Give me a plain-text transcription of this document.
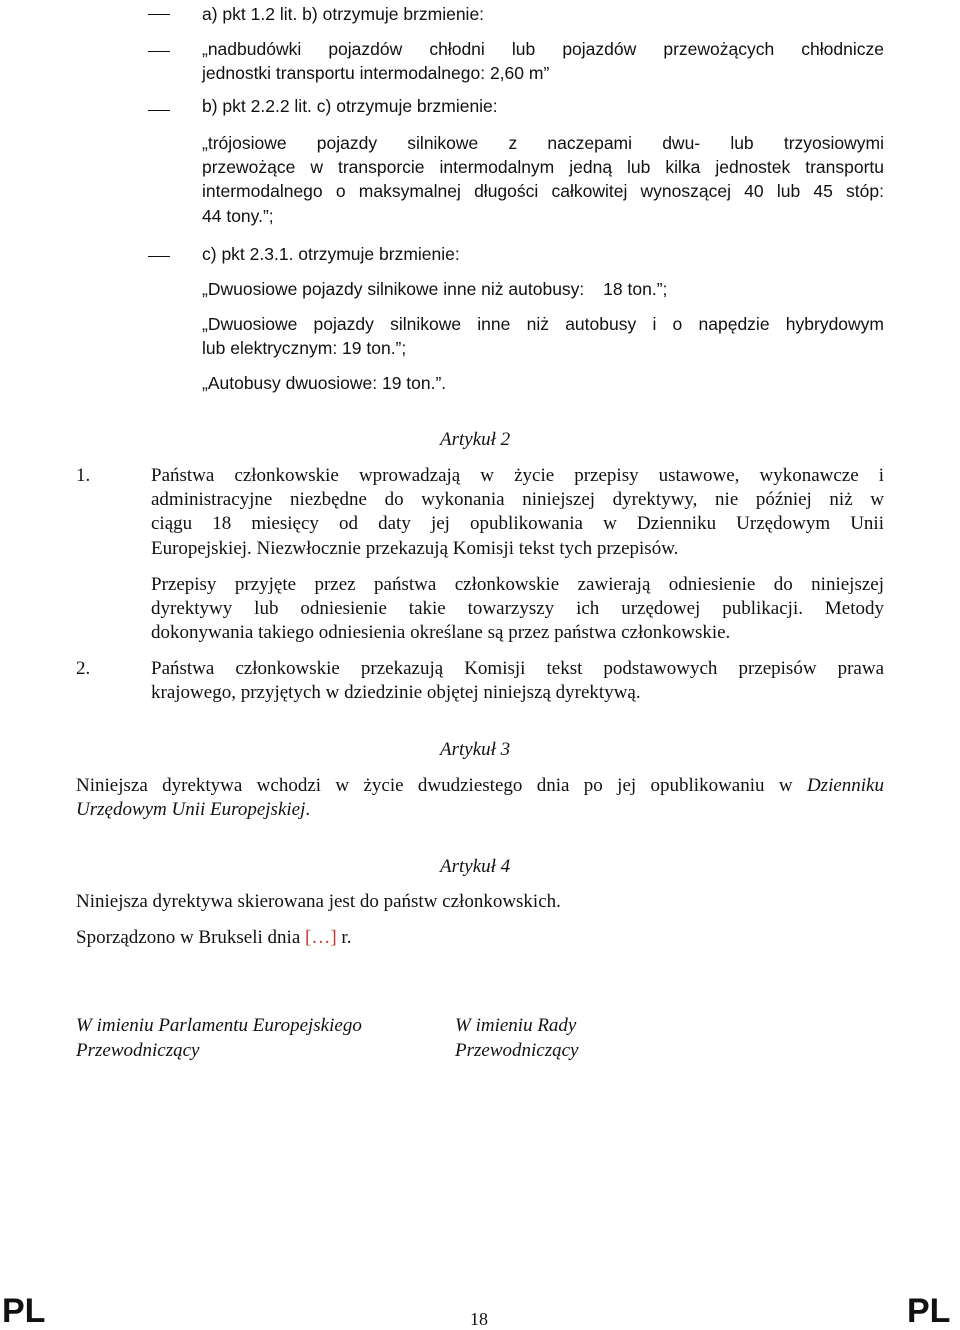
a) pkt 1.2 lit. b) otrzymuje brzmienie:
„nadbudówki pojazdów chłodni lub pojazdów przewożących chłodnicze
jednostki transportu intermodalnego: 2,60 m”
b) pkt 2.2.2 lit. c) otrzymuje brzmienie:
„trójosiowe pojazdy silnikowe z naczepami dwu- lub trzyosiowymi
przewożące w transporcie intermodalnym jedną lub kilka jednostek transportu
intermodalnego o maksymalnej długości całkowitej wynoszącej 40 lub 45 stóp:
44 tony.”;
c) pkt 2.3.1. otrzymuje brzmienie:
„Dwuosiowe pojazdy silnikowe inne niż autobusy: 18 ton.”;
„Dwuosiowe pojazdy silnikowe inne niż autobusy i o napędzie hybrydowym
lub elektrycznym: 19 ton.”;
„Autobusy dwuosiowe: 19 ton.”.
Artykuł 2
1.	Państwa członkowskie wprowadzają w życie przepisy ustawowe, wykonawcze i
administracyjne niezbędne do wykonania niniejszej dyrektywy, nie później niż w
ciągu 18 miesięcy od daty jej opublikowania w Dzienniku Urzędowym Unii
Europejskiej. Niezwłocznie przekazują Komisji tekst tych przepisów.
Przepisy przyjęte przez państwa członkowskie zawierają odniesienie do niniejszej
dyrektywy lub odniesienie takie towarzyszy ich urzędowej publikacji. Metody
dokonywania takiego odniesienia określane są przez państwa członkowskie.
2.	Państwa członkowskie przekazują Komisji tekst podstawowych przepisów prawa
krajowego, przyjętych w dziedzinie objętej niniejszą dyrektywą.
Artykuł 3
Niniejsza dyrektywa wchodzi w życie dwudziestego dnia po jej opublikowaniu w Dzienniku
Urzędowym Unii Europejskiej.
Artykuł 4
Niniejsza dyrektywa skierowana jest do państw członkowskich.
Sporządzono w Brukseli dnia […] r.
W imieniu Parlamentu Europejskiego
Przewodniczący
W imieniu Rady
Przewodniczący
PL	18	PL
